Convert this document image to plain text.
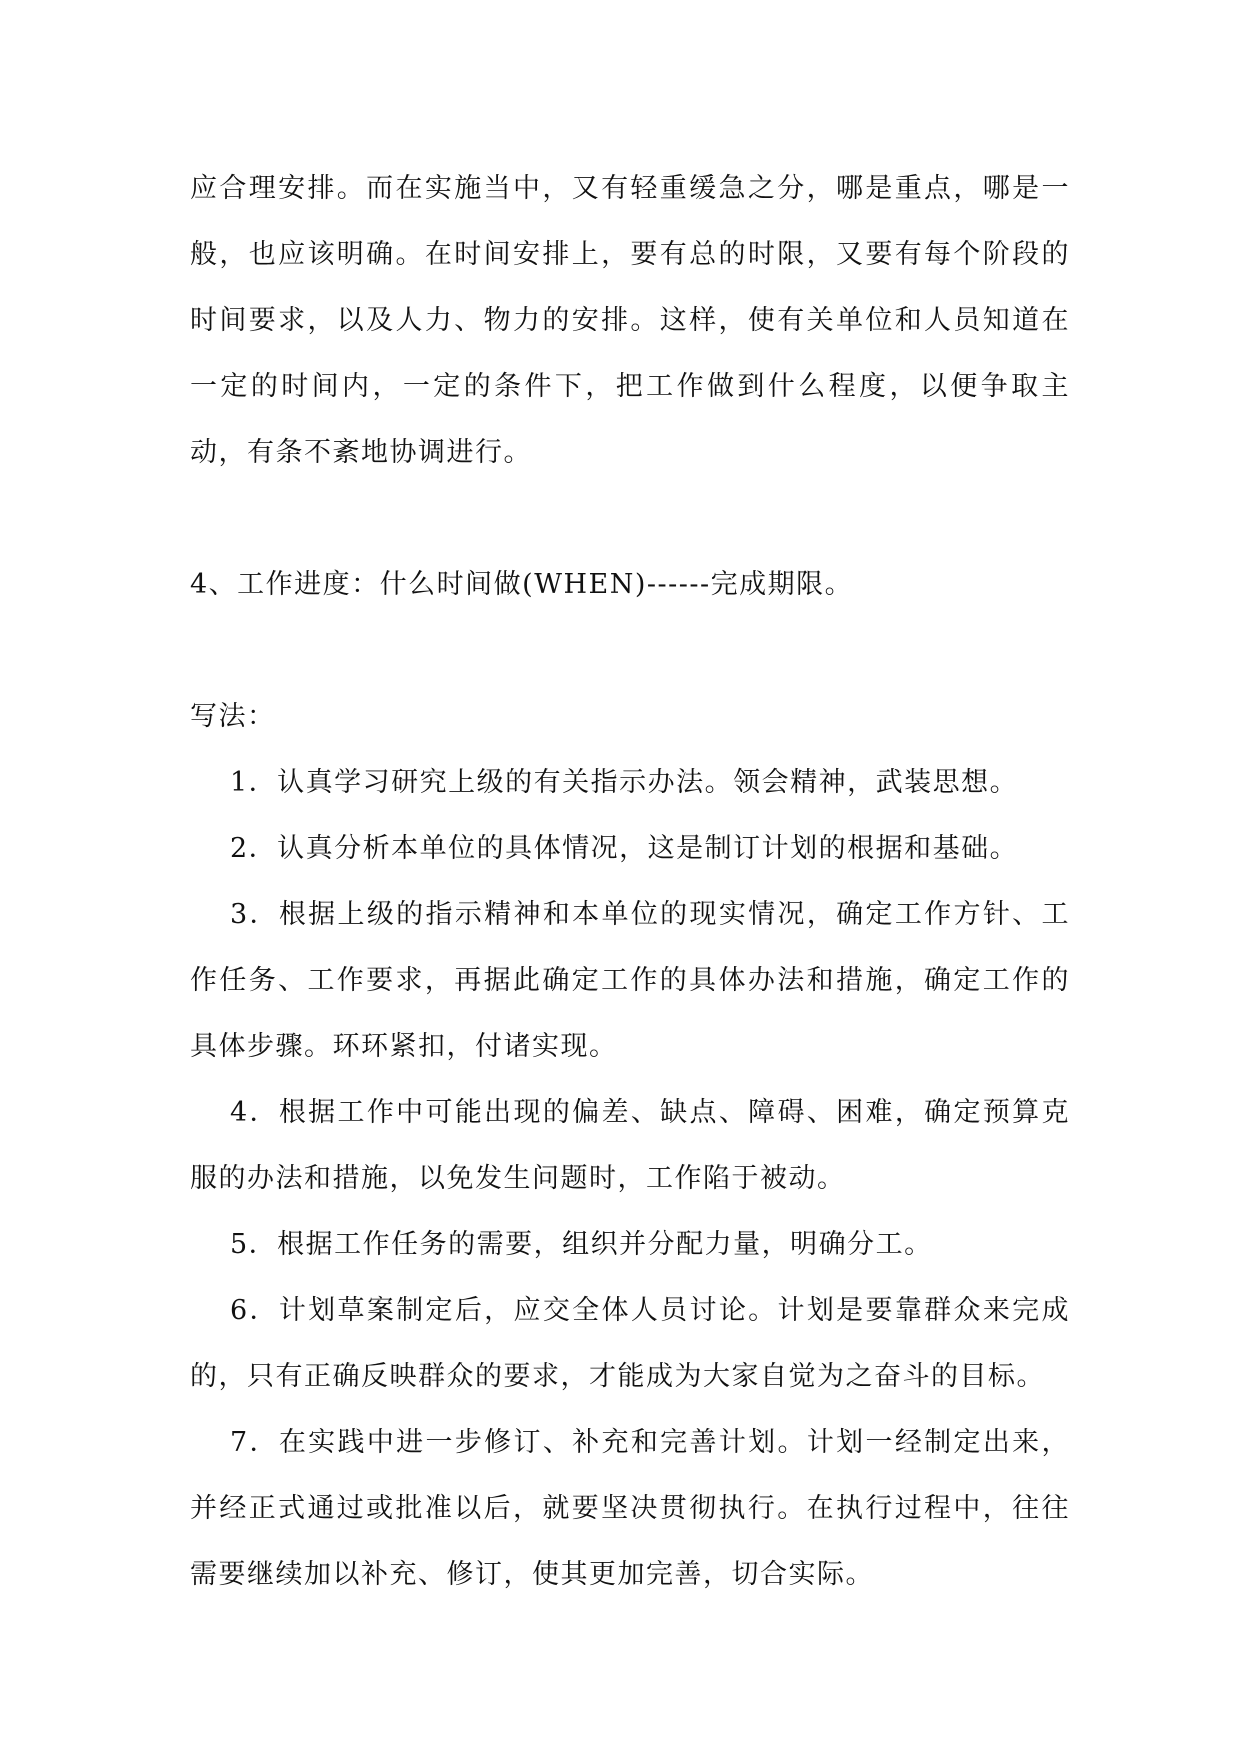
应合理安排。而在实施当中，又有轻重缓急之分，哪是重点，哪是一般，也应该明确。在时间安排上，要有总的时限，又要有每个阶段的时间要求，以及人力、物力的安排。这样，使有关单位和人员知道在一定的时间内，一定的条件下，把工作做到什么程度，以便争取主动，有条不紊地协调进行。

4、工作进度：什么时间做(WHEN)------完成期限。

写法：

1．认真学习研究上级的有关指示办法。领会精神，武装思想。

2．认真分析本单位的具体情况，这是制订计划的根据和基础。

3．根据上级的指示精神和本单位的现实情况，确定工作方针、工作任务、工作要求，再据此确定工作的具体办法和措施，确定工作的具体步骤。环环紧扣，付诸实现。

4．根据工作中可能出现的偏差、缺点、障碍、困难，确定预算克服的办法和措施，以免发生问题时，工作陷于被动。

5．根据工作任务的需要，组织并分配力量，明确分工。

6．计划草案制定后，应交全体人员讨论。计划是要靠群众来完成的，只有正确反映群众的要求，才能成为大家自觉为之奋斗的目标。

7．在实践中进一步修订、补充和完善计划。计划一经制定出来，并经正式通过或批准以后，就要坚决贯彻执行。在执行过程中，往往需要继续加以补充、修订，使其更加完善，切合实际。
